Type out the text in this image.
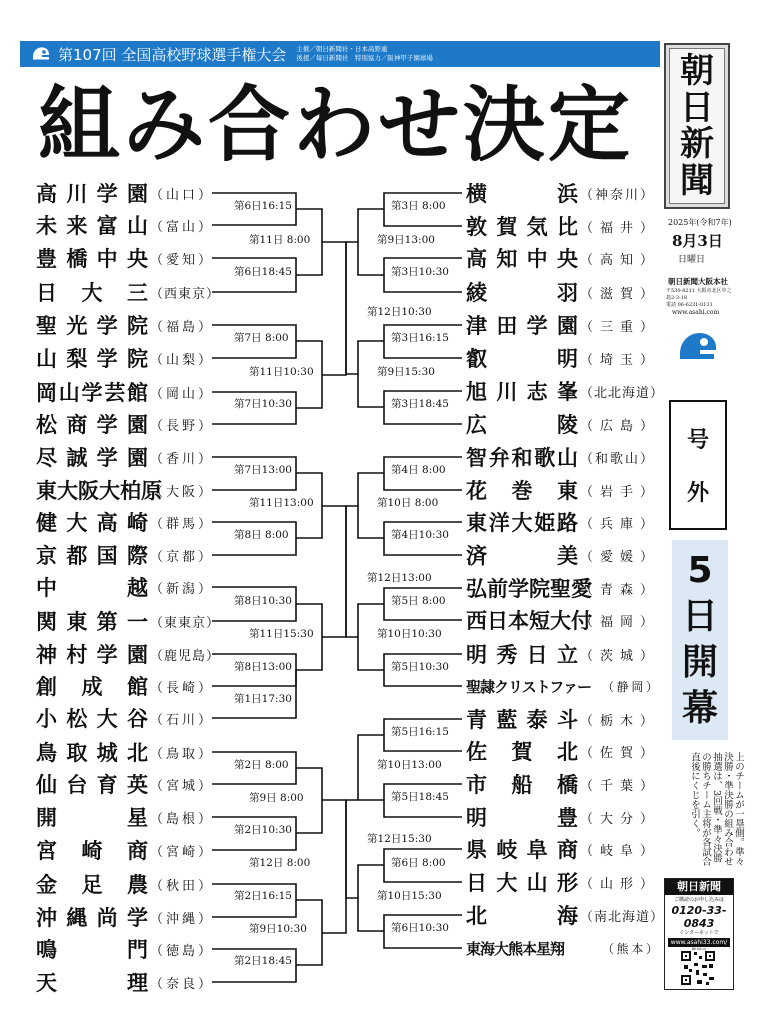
第107回 全国高校野球選手権大会 主催／朝日新聞社・日本高野連
後援／毎日新聞社　特別協力／阪神甲子園球場
組み合わせ決定
高川学園 （山口）
未来富山 （富山）
豊橋中央 （愛知）
日大三 （西東京）
聖光学院 （福島）
山梨学院 （山梨）
岡山学芸館 （岡山）
松商学園 （長野）
尽誠学園 （香川）
東大阪大柏原
（大阪）
健大高崎 （群馬）
京都国際 （京都）
中越 （新潟）
関東第一 （東東京）
神村学園 （鹿児島）
創成館 （長崎）
小松大谷 （石川）
鳥取城北 （鳥取）
仙台育英 （宮城）
開星 （島根）
宮崎商 （宮崎）
金足農 （秋田）
沖縄尚学 （沖縄）
鳴門 （徳島）
天理 （奈良）
横浜 （神奈川）
敦賀気比 （福井）
高知中央 （高知）
綾羽 （滋賀）
津田学園 （三重）
叡明 （埼玉）
旭川志峯 （北北海道）
広陵 （広島）
智弁和歌山 （和歌山）
花巻東 （岩手）
東洋大姫路 （兵庫）
済美 （愛媛）
弘前学院聖愛
（青森）
西日本短大付
（福岡）
明秀日立 （茨城）
聖隷クリストファー （静岡）
青藍泰斗 （栃木）
佐賀北 （佐賀）
市船橋 （千葉）
明豊 （大分）
県岐阜商 （岐阜）
日大山形 （山形）
北海 （南北海道）
東海大熊本星翔	（熊本）
第6日16:15
第11日 8:00
第6日18:45
第7日 8:00
第11日10:30
第7日10:30
第7日13:00
第11日13:00
第8日 8:00
第8日10:30
第11日15:30
第8日13:00
第1日17:30
第2日 8:00
第9日 8:00
第2日10:30
第12日 8:00
第2日16:15
第9日10:30
第2日18:45
第3日 8:00
第9日13:00
第3日10:30
第12日10:30
第3日16:15
第9日15:30
第3日18:45
第4日 8:00
第10日 8:00
第4日10:30
第12日13:00
第5日 8:00
第10日10:30
第5日10:30
第5日16:15
第10日13:00
第5日18:45
第12日15:30
第6日 8:00
第10日15:30
第6日10:30
朝
日
新
聞
2025年(令和7年)
8月3日
日曜日
朝日新聞大阪本社
〒530-8211 大阪市北区中之島2-3-18
電話 06-6231-0131
www.asahi.com
号
外
5
日
開
幕
上のチームが一塁側。準々決勝・準決勝の組み合わせ抽選は、3回戦・準々決勝の勝ちチーム主将が各試合直後にくじを引く。
朝日新聞
ご購読のお申し込みは
0120-33-0843
インターネットで
www.asahi33.com/
